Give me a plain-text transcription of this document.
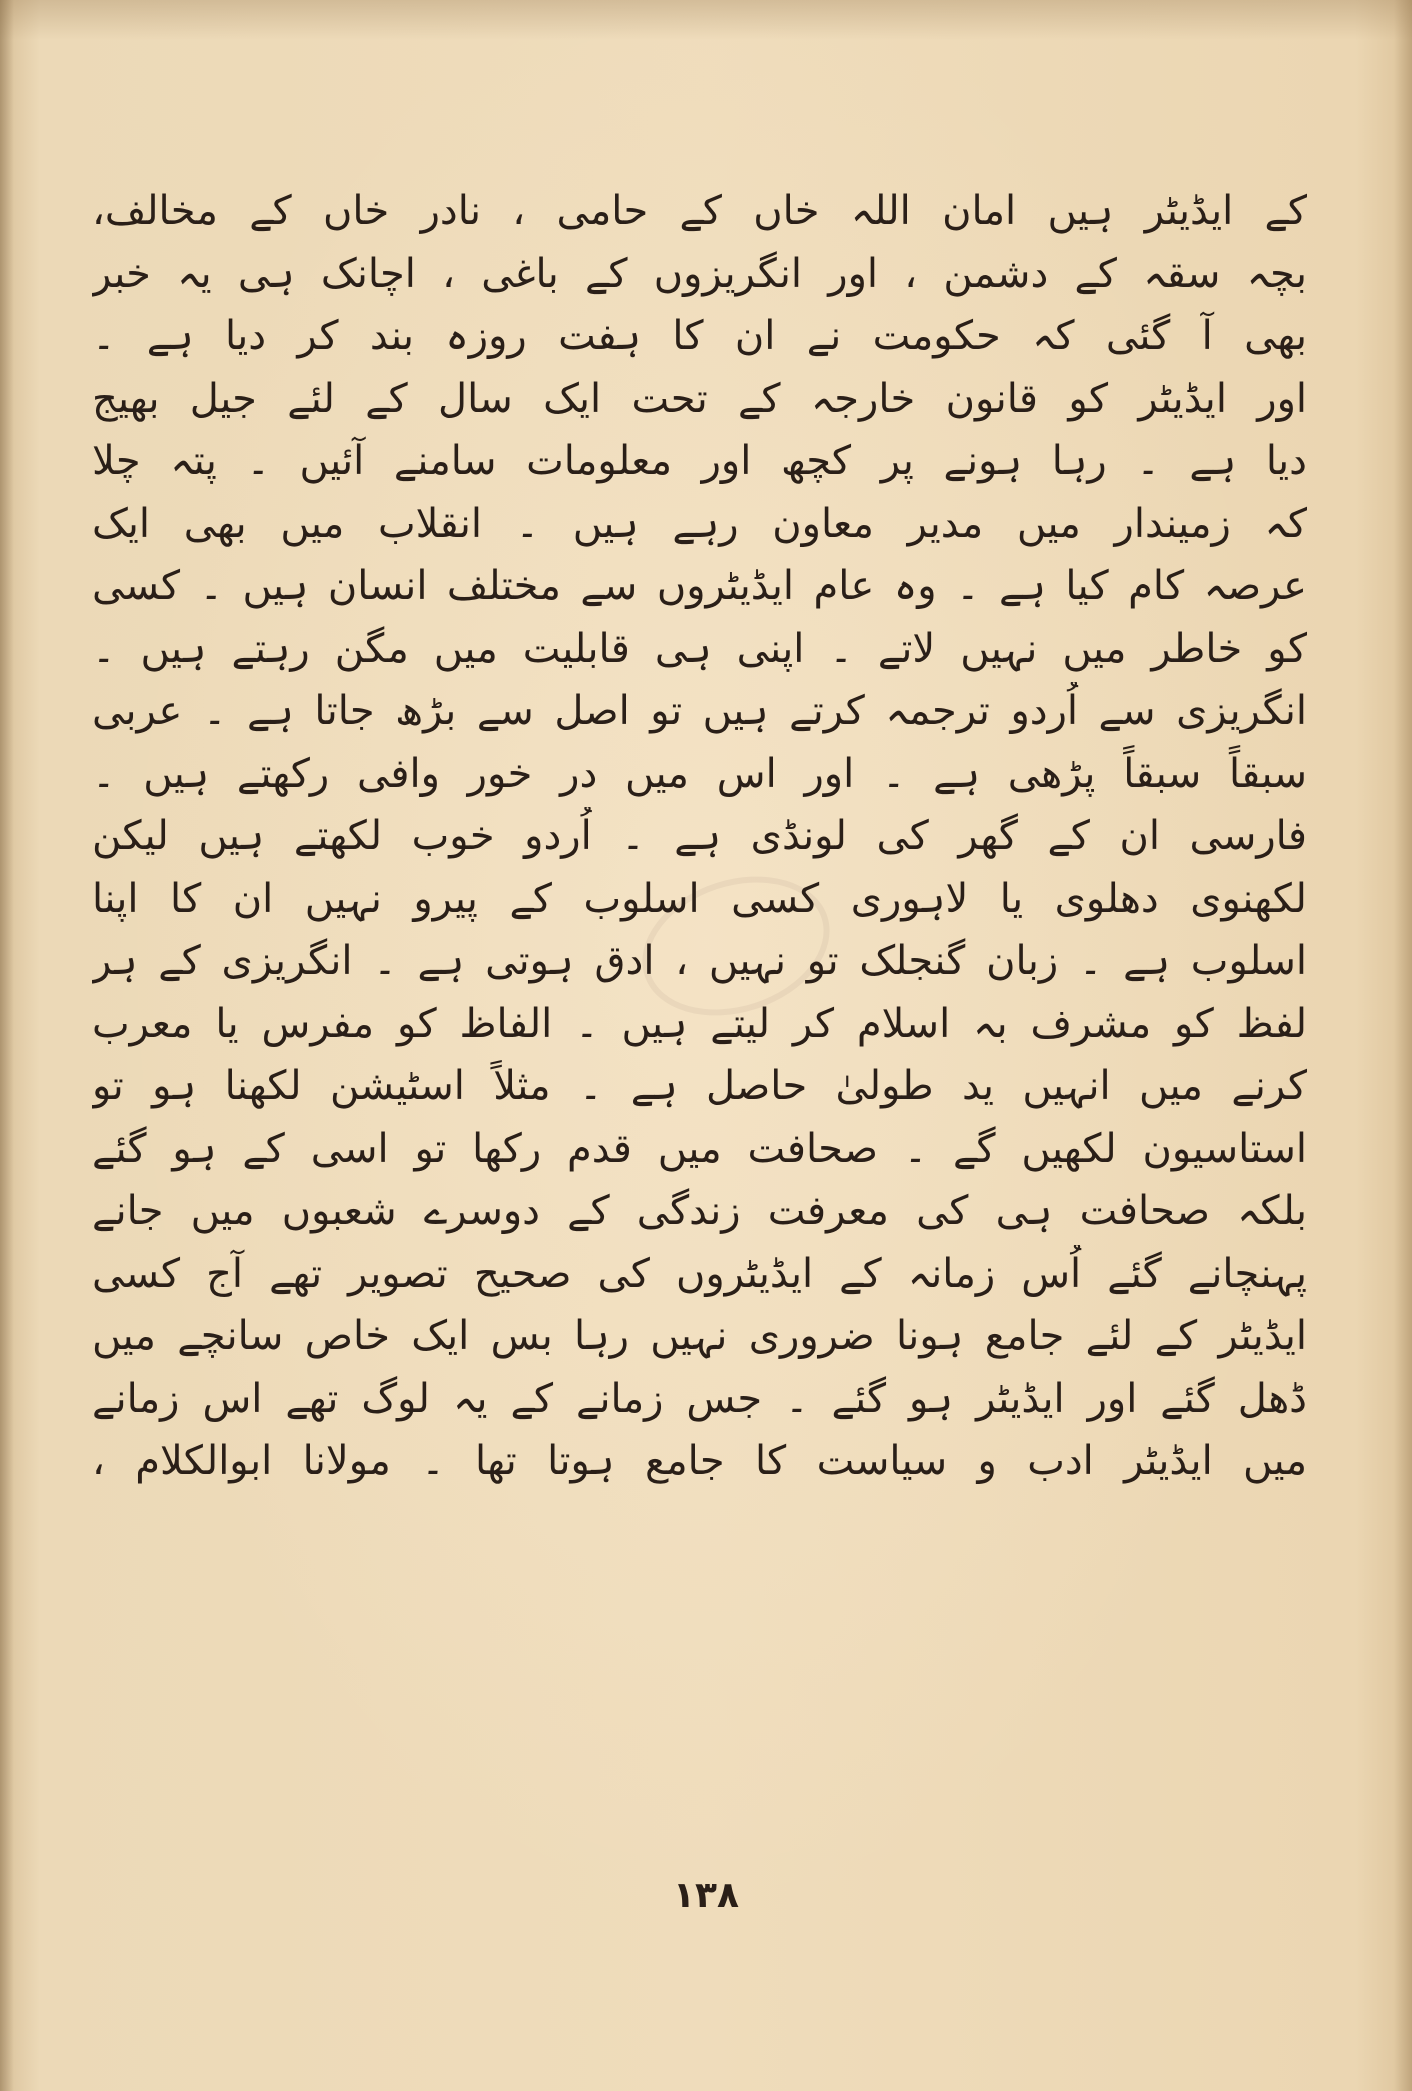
کے ایڈیٹر ہیں امان اللہ خاں کے حامی ، نادر خاں کے مخالف،
بچہ سقہ کے دشمن ، اور انگریزوں کے باغی ، اچانک ہی یہ خبر
بھی آ گئی کہ حکومت نے ان کا ہفت روزہ بند کر دیا ہے ۔
اور ایڈیٹر کو قانون خارجہ کے تحت ایک سال کے لئے جیل بھیج
دیا ہے ۔ رہا ہونے پر کچھ اور معلومات سامنے آئیں ۔ پتہ چلا
کہ زمیندار میں مدیر معاون رہے ہیں ۔ انقلاب میں بھی ایک
عرصہ کام کیا ہے ۔ وہ عام ایڈیٹروں سے مختلف انسان ہیں ۔ کسی
کو خاطر میں نہیں لاتے ۔ اپنی ہی قابلیت میں مگن رہتے ہیں ۔
انگریزی سے اُردو ترجمہ کرتے ہیں تو اصل سے بڑھ جاتا ہے ۔ عربی
سبقاً سبقاً پڑھی ہے ۔ اور اس میں در خور وافی رکھتے ہیں ۔
فارسی ان کے گھر کی لونڈی ہے ۔ اُردو خوب لکھتے ہیں لیکن
لکھنوی دھلوی یا لاہوری کسی اسلوب کے پیرو نہیں ان کا اپنا
اسلوب ہے ۔ زبان گنجلک تو نہیں ، ادق ہوتی ہے ۔ انگریزی کے ہر
لفظ کو مشرف بہ اسلام کر لیتے ہیں ۔ الفاظ کو مفرس یا معرب
کرنے میں انہیں ید طولیٰ حاصل ہے ۔ مثلاً اسٹیشن لکھنا ہو تو
استاسیون لکھیں گے ۔ صحافت میں قدم رکھا تو اسی کے ہو گئے
بلکہ صحافت ہی کی معرفت زندگی کے دوسرے شعبوں میں جانے
پہنچانے گئے اُس زمانہ کے ایڈیٹروں کی صحیح تصویر تھے آج کسی
ایڈیٹر کے لئے جامع ہونا ضروری نہیں رہا بس ایک خاص سانچے میں
ڈھل گئے اور ایڈیٹر ہو گئے ۔ جس زمانے کے یہ لوگ تھے اس زمانے
میں ایڈیٹر ادب و سیاست کا جامع ہوتا تھا ۔ مولانا ابوالکلام ،
۱۳۸
